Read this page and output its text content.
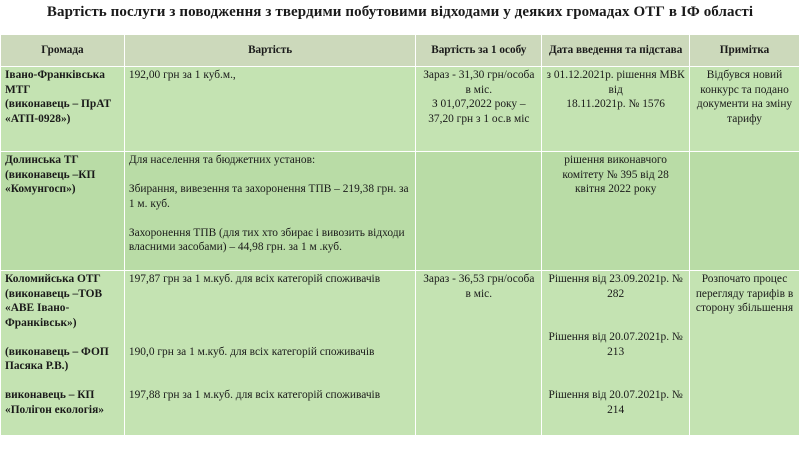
Вартість послуги з поводження з твердими побутовими відходами у деяких громадах ОТГ в ІФ області
Громада	Вартість	Вартість за 1 особу	Дата введення та підстава	Примітка

Івано-Франківська МТГ
(виконавець – ПрАТ «АТП-0928»)	192,00 грн за 1 куб.м.,	Зараз - 31,30 грн/особа в міс.
З 01,07,2022 року – 37,20 грн з 1 ос.в міс	з 01.12.2021р. рішення МВК від
18.11.2021р. № 1576	Відбувся новий конкурс та подано документи на зміну тарифу

Долинська ТГ
(виконавець –КП «Комунгосп»)	Для населення та бюджетних установ:
Збирання, вивезення та захоронення ТПВ – 219,38 грн. за 1 м. куб.
Захоронення ТПВ (для тих хто збирає і вивозить відходи власними засобами) – 44,98 грн. за 1 м .куб.		рішення виконавчого комітету № 395 від 28 квітня 2022 року	

Коломийська ОТГ
(виконавець –ТОВ «АВЕ Івано-Франківськ»)
(виконавець – ФОП Пасяка Р.В.)
виконавець – КП «Полігон екологія»	197,87 грн за 1 м.куб. для всіх категорій споживачів
190,0 грн за 1 м.куб. для всіх категорій споживачів
197,88 грн за 1 м.куб. для всіх категорій споживачів	Зараз - 36,53 грн/особа в міс.	Рішення від 23.09.2021р. № 282
Рішення від 20.07.2021р. № 213
Рішення від 20.07.2021р. № 214	Розпочато процес перегляду тарифів в сторону збільшення
